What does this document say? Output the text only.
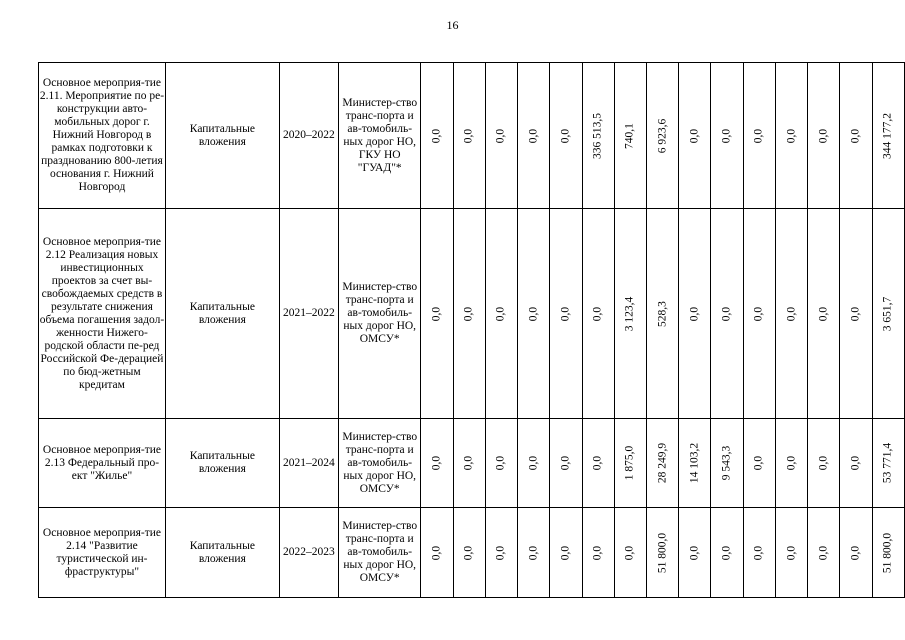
16
Основное мероприя-тие 2.11. Мероприятие по ре-конструкции авто-мобильных дорог г. Нижний Новгород в рамках подготовки к празднованию 800-летия основания г. Нижний Новгород	Капитальные вложения	2020–2022	Министер-ство транс-порта и ав-томобиль-ных дорог НО, ГКУ НО "ГУАД"*	0,0	0,0	0,0	0,0	0,0	336 513,5	740,1	6 923,6	0,0	0,0	0,0	0,0	0,0	0,0	344 177,2

Основное мероприя-тие 2.12 Реализация новых инвестиционных проектов за счет вы-свобождаемых средств в результате снижения объема погашения задол-женности Нижего-родской области пе-ред Российской Фе-дерацией по бюд-жетным кредитам	Капитальные вложения	2021–2022	Министер-ство транс-порта и ав-томобиль-ных дорог НО, ОМСУ*	0,0	0,0	0,0	0,0	0,0	0,0	3 123,4	528,3	0,0	0,0	0,0	0,0	0,0	0,0	3 651,7

Основное мероприя-тие 2.13 Федеральный про-ект "Жилье"	Капитальные вложения	2021–2024	Министер-ство транс-порта и ав-томобиль-ных дорог НО, ОМСУ*	0,0	0,0	0,0	0,0	0,0	0,0	1 875,0	28 249,9	14 103,2	9 543,3	0,0	0,0	0,0	0,0	53 771,4

Основное мероприя-тие 2.14 "Развитие туристической ин-фраструктуры"	Капитальные вложения	2022–2023	Министер-ство транс-порта и ав-томобиль-ных дорог НО, ОМСУ*	0,0	0,0	0,0	0,0	0,0	0,0	0,0	51 800,0	0,0	0,0	0,0	0,0	0,0	0,0	51 800,0
